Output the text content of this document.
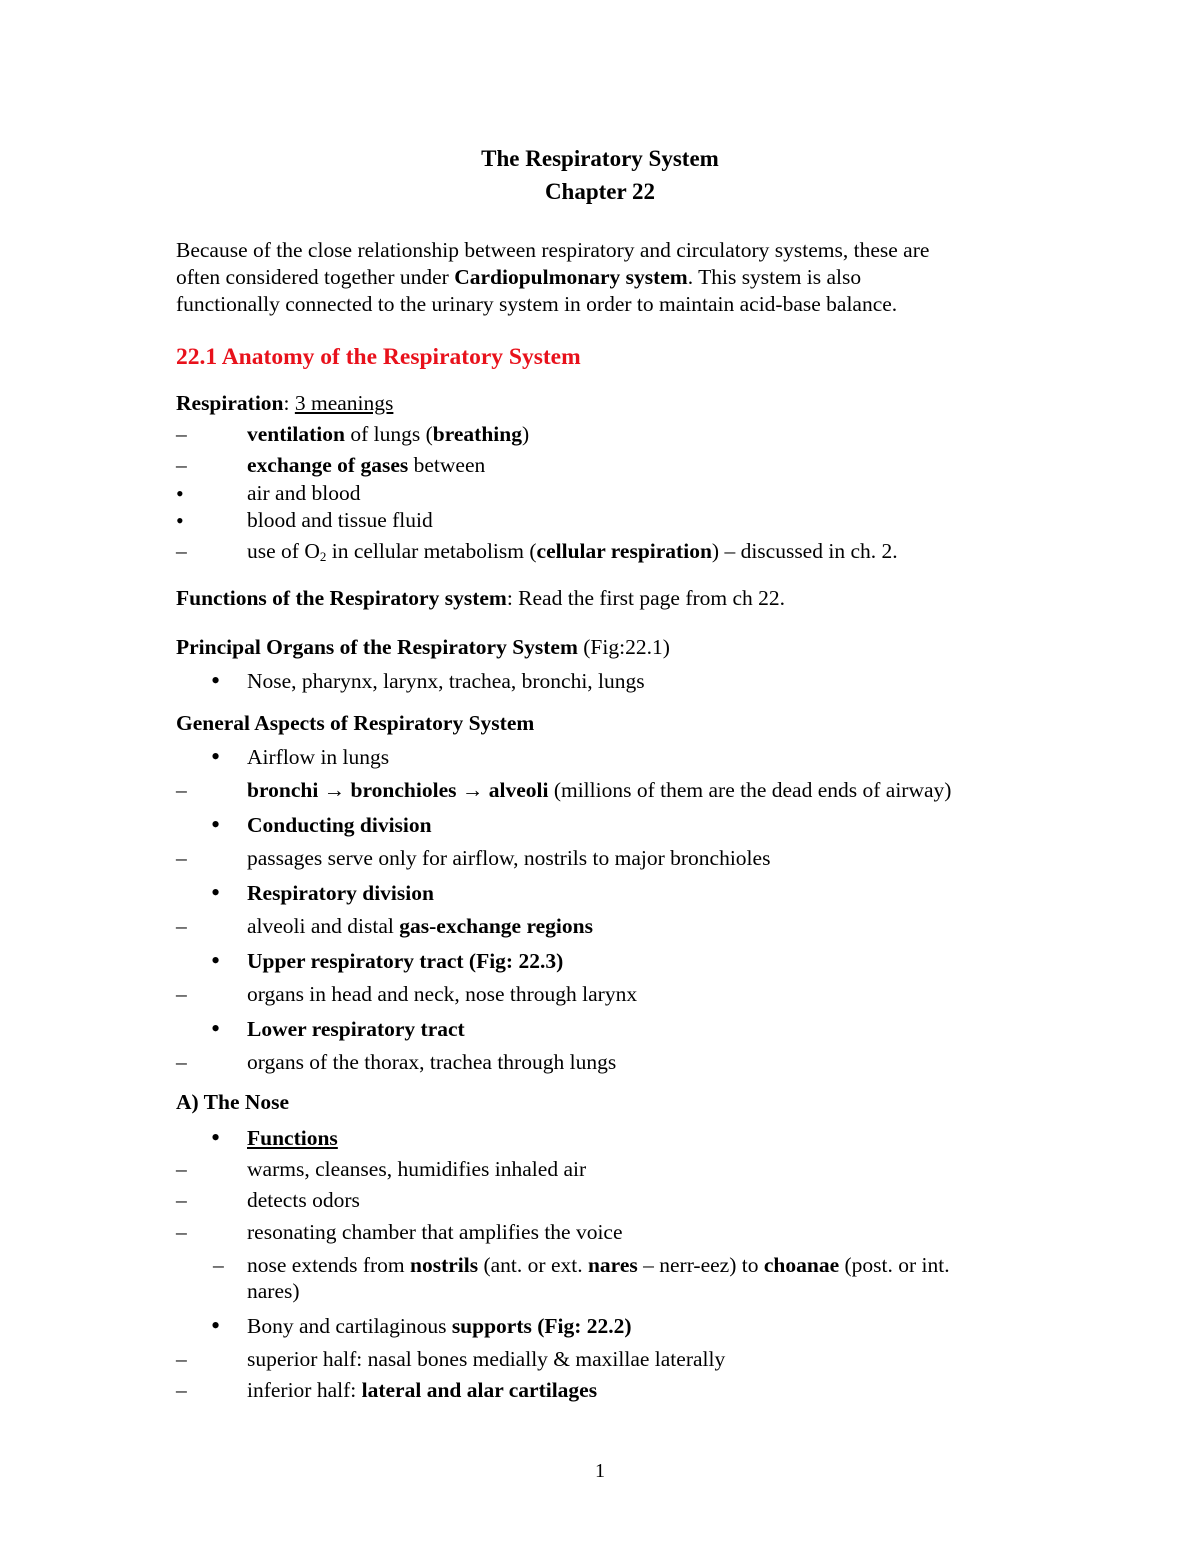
The Respiratory System
Chapter 22
Because of the close relationship between respiratory and circulatory systems, these are
often considered together under Cardiopulmonary system. This system is also
functionally connected to the urinary system in order to maintain acid-base balance.
22.1 Anatomy of the Respiratory System
Respiration: 3 meanings
–	ventilation of lungs (breathing)
–	exchange of gases between
•	air and blood
•	blood and tissue fluid
–	use of $O_2$ in cellular metabolism (cellular respiration) – discussed in ch. 2.
Functions of the Respiratory system: Read the first page from ch 22.
Principal Organs of the Respiratory System (Fig:22.1)
• Nose, pharynx, larynx, trachea, bronchi, lungs
General Aspects of Respiratory System
• Airflow in lungs
–	bronchi → bronchioles → alveoli (millions of them are the dead ends of airway)
• Conducting division
–	passages serve only for airflow, nostrils to major bronchioles
• Respiratory division
–	alveoli and distal gas-exchange regions
• Upper respiratory tract (Fig: 22.3)
–	organs in head and neck, nose through larynx
• Lower respiratory tract
–	organs of the thorax, trachea through lungs
A) The Nose
• Functions
–	warms, cleanses, humidifies inhaled air
–	detects odors
–	resonating chamber that amplifies the voice
– nose extends from nostrils (ant. or ext. nares – nerr-eez) to choanae (post. or int.
nares)
• Bony and cartilaginous supports (Fig: 22.2)
–	superior half: nasal bones medially & maxillae laterally
–	inferior half: lateral and alar cartilages
1
